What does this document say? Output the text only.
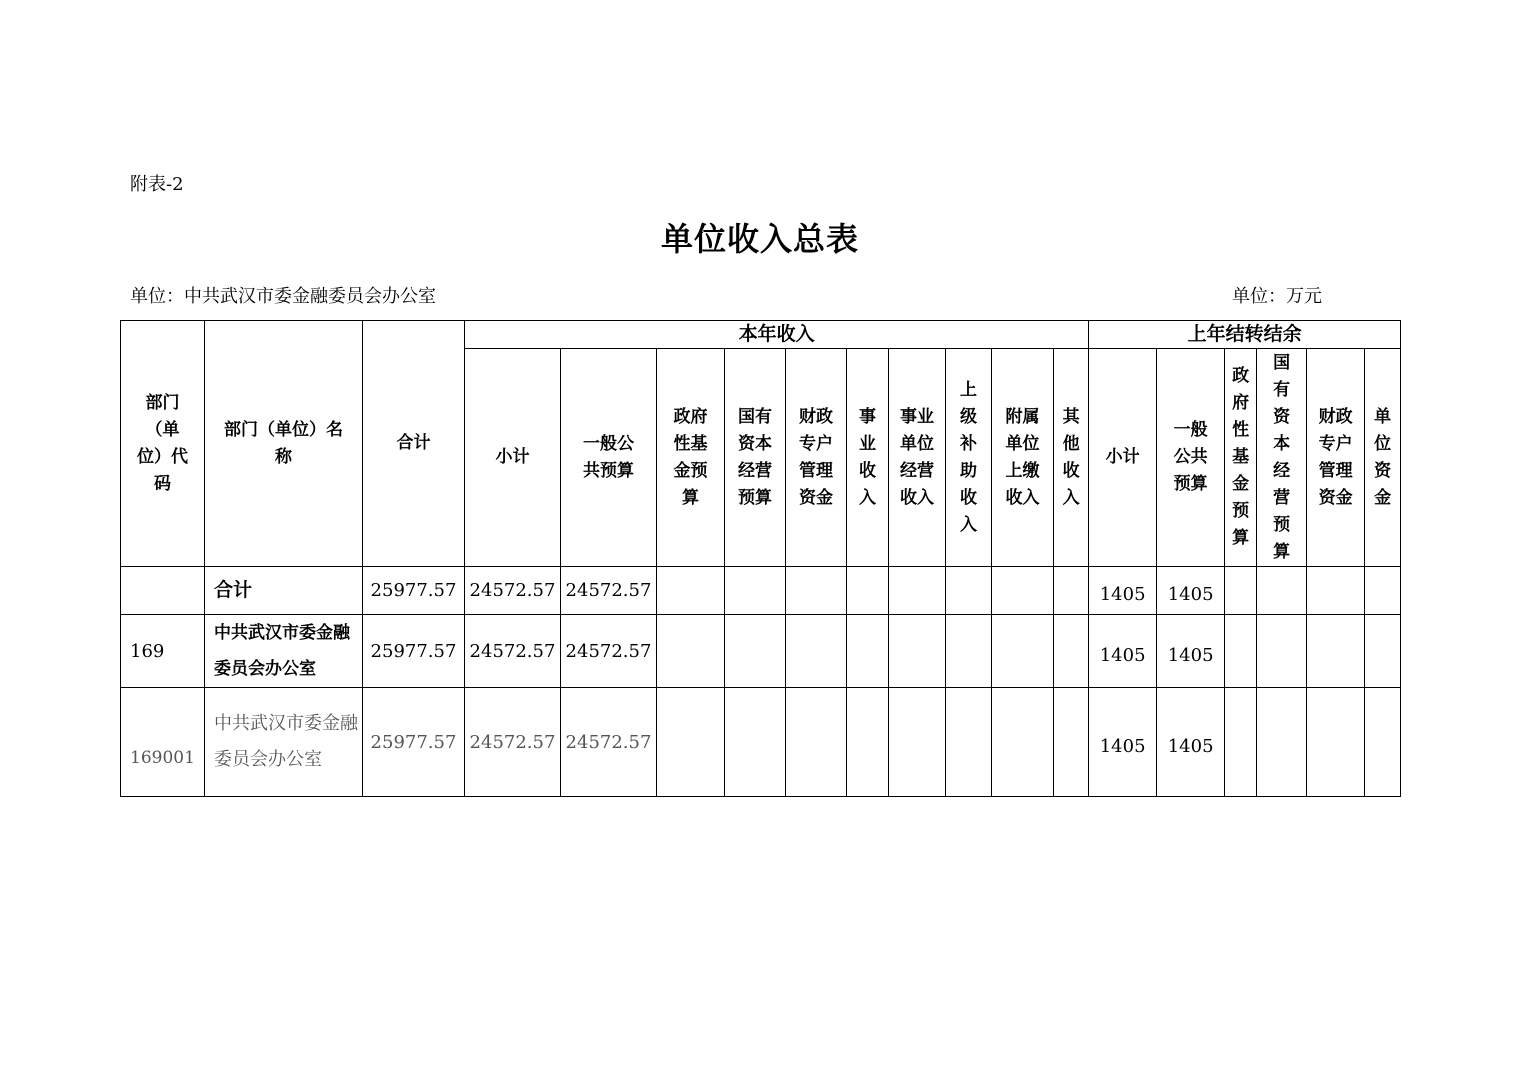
附表-2
单位收入总表
单位：中共武汉市委金融委员会办公室	单位：万元
部门（单位）代码	部门（单位）名称	合计	本年收入										上年结转结余					
			小计	一般公共预算	政府性基金预算	国有资本经营预算	财政专户管理资金	事业收入	事业单位经营收入	上级补助收入	附属单位上缴收入	其他收入	小计	一般公共预算	政府性基金预算	国有资本经营预算	财政专户管理资金	单位资金
	合计	25977.57	24572.57	24572.57									1405	1405				
169	中共武汉市委金融委员会办公室	25977.57	24572.57	24572.57									1405	1405				
169001	中共武汉市委金融委员会办公室	25977.57	24572.57	24572.57									1405	1405				
